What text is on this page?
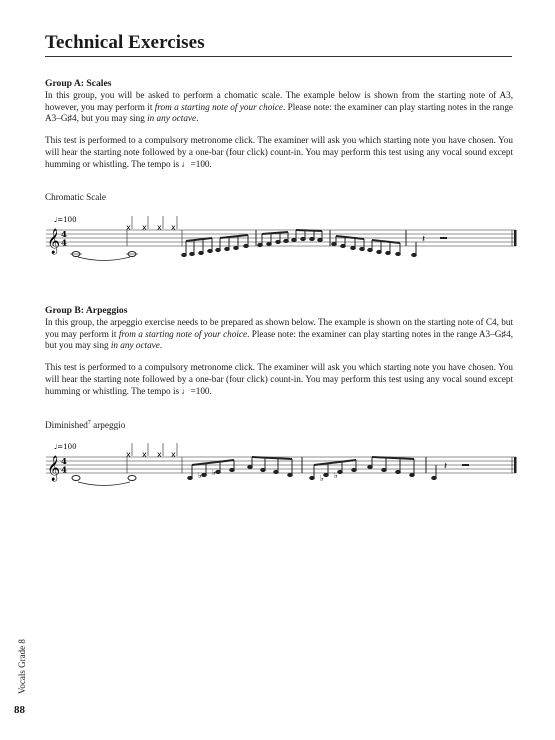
Technical Exercises

Group A: Scales
In this group, you will be asked to perform a chomatic scale. The example below is shown from the starting note of A3, however, you may perform it from a starting note of your choice. Please note: the examiner can play starting notes in the range A3–G♯4, but you may sing in any octave.

This test is performed to a compulsory metronome click. The examiner will ask you which starting note you have chosen. You will hear the starting note followed by a one-bar (four click) count-in. You may perform this test using any vocal sound except humming or whistling. The tempo is ♩=100.

Chromatic Scale
♩=100
𝄞 4
4
x x x x
𝄽

Group B: Arpeggios
In this group, the arpeggio exercise needs to be prepared as shown below. The example is shown on the starting note of C4, but you may perform it from a starting note of your choice. Please note: the examiner can play starting notes in the range A3–G♯4, but you may sing in any octave.

This test is performed to a compulsory metronome click. The examiner will ask you which starting note you have chosen. You will hear the starting note followed by a one-bar (four click) count-in. You may perform this test using any vocal sound except humming or whistling. The tempo is ♩=100.

Diminished$^7$ arpeggio
♩=100
𝄞 4
4
x x x x
♭ ♭
♭ ♭
𝄽
Vocals Grade 8
88
